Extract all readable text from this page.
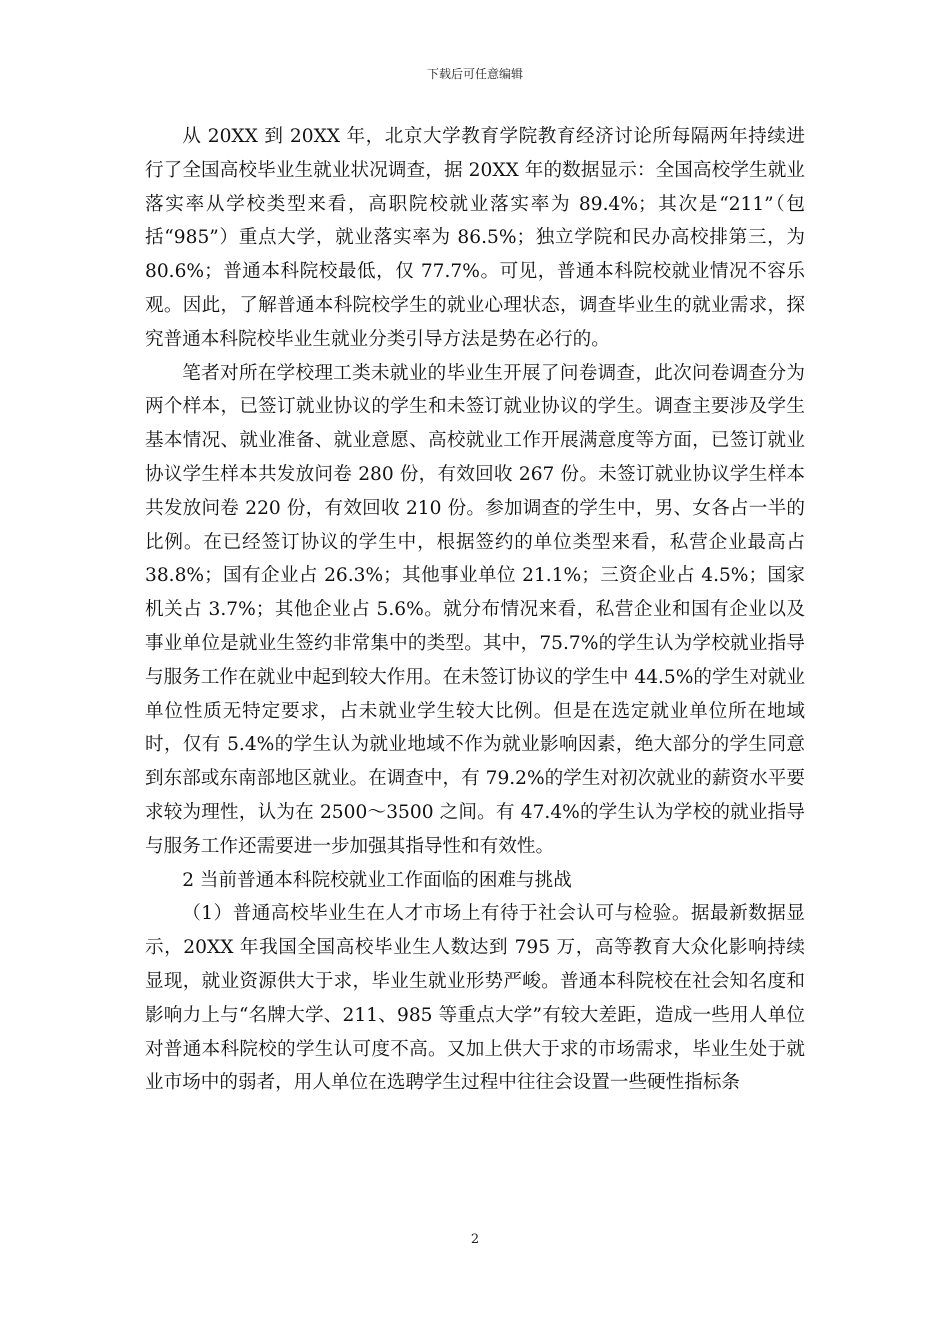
下载后可任意编辑

从 20XX 到 20XX 年，北京大学教育学院教育经济讨论所每隔两年持续进行了全国高校毕业生就业状况调查，据 20XX 年的数据显示：全国高校学生就业落实率从学校类型来看，高职院校就业落实率为 89.4%；其次是“211”（包括“985”）重点大学，就业落实率为 86.5%；独立学院和民办高校排第三，为 80.6%；普通本科院校最低，仅 77.7%。可见，普通本科院校就业情况不容乐观。因此，了解普通本科院校学生的就业心理状态，调查毕业生的就业需求，探究普通本科院校毕业生就业分类引导方法是势在必行的。

笔者对所在学校理工类未就业的毕业生开展了问卷调查，此次问卷调查分为两个样本，已签订就业协议的学生和未签订就业协议的学生。调查主要涉及学生基本情况、就业准备、就业意愿、高校就业工作开展满意度等方面，已签订就业协议学生样本共发放问卷 280 份，有效回收 267 份。未签订就业协议学生样本共发放问卷 220 份，有效回收 210 份。参加调查的学生中，男、女各占一半的比例。在已经签订协议的学生中，根据签约的单位类型来看，私营企业最高占 38.8%；国有企业占 26.3%；其他事业单位 21.1%；三资企业占 4.5%；国家机关占 3.7%；其他企业占 5.6%。就分布情况来看，私营企业和国有企业以及事业单位是就业生签约非常集中的类型。其中，75.7%的学生认为学校就业指导与服务工作在就业中起到较大作用。在未签订协议的学生中 44.5%的学生对就业单位性质无特定要求，占未就业学生较大比例。但是在选定就业单位所在地域时，仅有 5.4%的学生认为就业地域不作为就业影响因素，绝大部分的学生同意到东部或东南部地区就业。在调查中，有 79.2%的学生对初次就业的薪资水平要求较为理性，认为在 2500～3500 之间。有 47.4%的学生认为学校的就业指导与服务工作还需要进一步加强其指导性和有效性。

2 当前普通本科院校就业工作面临的困难与挑战

（1）普通高校毕业生在人才市场上有待于社会认可与检验。据最新数据显示，20XX 年我国全国高校毕业生人数达到 795 万，高等教育大众化影响持续显现，就业资源供大于求，毕业生就业形势严峻。普通本科院校在社会知名度和影响力上与“名牌大学、211、985 等重点大学”有较大差距，造成一些用人单位对普通本科院校的学生认可度不高。又加上供大于求的市场需求，毕业生处于就业市场中的弱者，用人单位在选聘学生过程中往往会设置一些硬性指标条

2
